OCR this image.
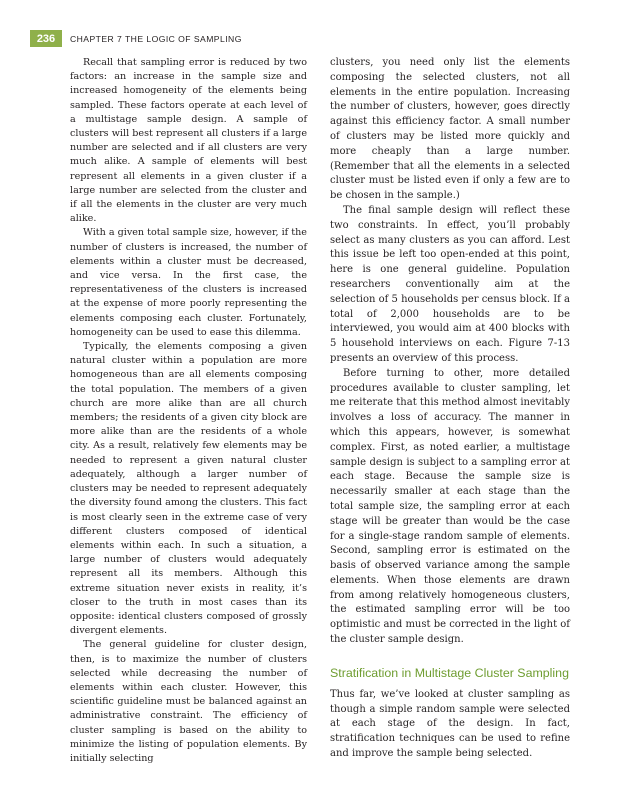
236	CHAPTER 7 THE LOGIC OF SAMPLING

Recall that sampling error is reduced by two factors: an increase in the sample size and increased homogeneity of the elements being sampled. These factors operate at each level of a multistage sample design. A sample of clusters will best represent all clusters if a large number are selected and if all clusters are very much alike. A sample of elements will best represent all elements in a given cluster if a large number are selected from the cluster and if all the elements in the cluster are very much alike.

With a given total sample size, however, if the number of clusters is increased, the number of elements within a cluster must be decreased, and vice versa. In the first case, the representativeness of the clusters is increased at the expense of more poorly representing the elements composing each cluster. Fortunately, homogeneity can be used to ease this dilemma.

Typically, the elements composing a given natural cluster within a population are more homogeneous than are all elements composing the total population. The members of a given church are more alike than are all church members; the residents of a given city block are more alike than are the residents of a whole city. As a result, relatively few elements may be needed to represent a given natural cluster adequately, although a larger number of clusters may be needed to represent adequately the diversity found among the clusters. This fact is most clearly seen in the extreme case of very different clusters composed of identical elements within each. In such a situation, a large number of clusters would adequately represent all its members. Although this extreme situation never exists in reality, it’s closer to the truth in most cases than its opposite: identical clusters composed of grossly divergent elements.

The general guideline for cluster design, then, is to maximize the number of clusters selected while decreasing the number of elements within each cluster. However, this scientific guideline must be balanced against an administrative constraint. The efficiency of cluster sampling is based on the ability to minimize the listing of population elements. By initially selecting

clusters, you need only list the elements composing the selected clusters, not all elements in the entire population. Increasing the number of clusters, however, goes directly against this efficiency factor. A small number of clusters may be listed more quickly and more cheaply than a large number. (Remember that all the elements in a selected cluster must be listed even if only a few are to be chosen in the sample.)

The final sample design will reflect these two constraints. In effect, you’ll probably select as many clusters as you can afford. Lest this issue be left too open-ended at this point, here is one general guideline. Population researchers conventionally aim at the selection of 5 households per census block. If a total of 2,000 households are to be interviewed, you would aim at 400 blocks with 5 household interviews on each. Figure 7-13 presents an overview of this process.

Before turning to other, more detailed procedures available to cluster sampling, let me reiterate that this method almost inevitably involves a loss of accuracy. The manner in which this appears, however, is somewhat complex. First, as noted earlier, a multistage sample design is subject to a sampling error at each stage. Because the sample size is necessarily smaller at each stage than the total sample size, the sampling error at each stage will be greater than would be the case for a single-stage random sample of elements. Second, sampling error is estimated on the basis of observed variance among the sample elements. When those elements are drawn from among relatively homogeneous clusters, the estimated sampling error will be too optimistic and must be corrected in the light of the cluster sample design.

Stratification in Multistage Cluster Sampling

Thus far, we’ve looked at cluster sampling as though a simple random sample were selected at each stage of the design. In fact, stratification techniques can be used to refine and improve the sample being selected.
